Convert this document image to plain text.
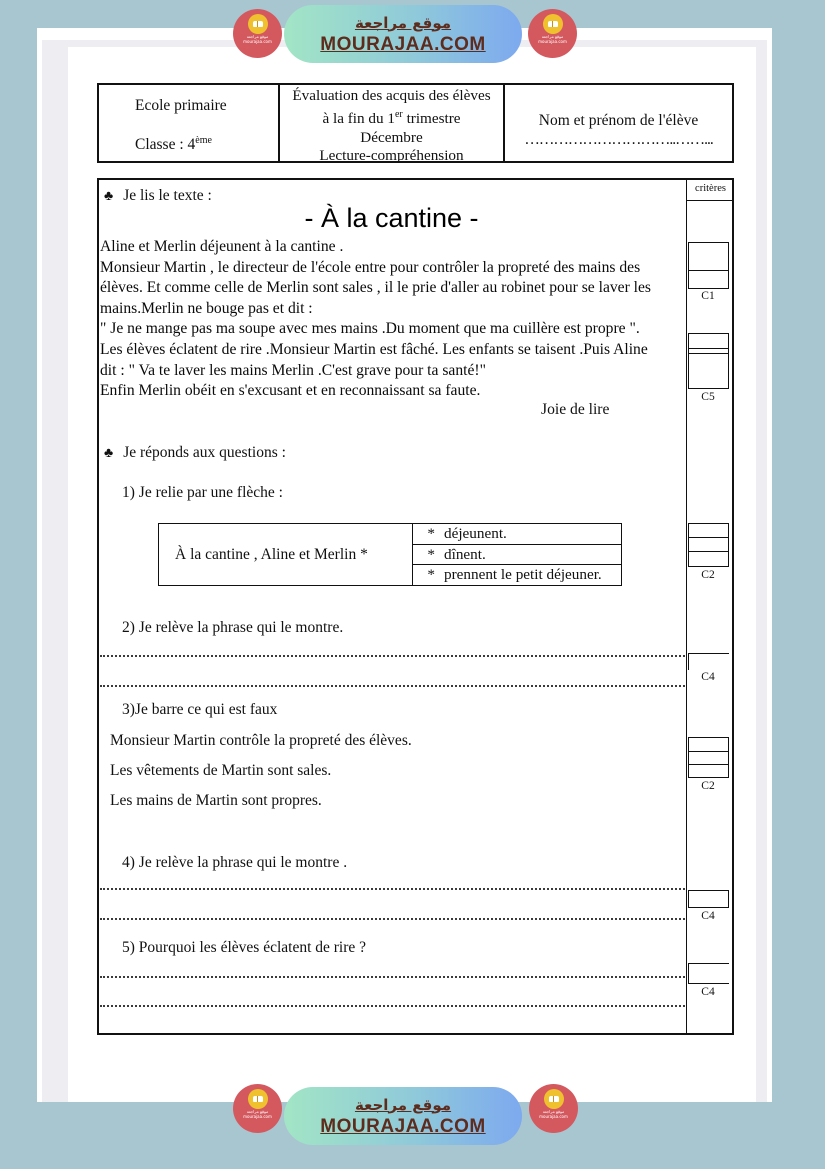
موقع مراجعة
MOURAJAA.COM
موقع مراجعة
mourajaa.com
موقع مراجعة
mourajaa.com
Ecole primaire
Classe : 4ème
Évaluation des acquis des élèves
à la fin du 1er trimestre
Décembre
Lecture-compréhension
Nom et prénom de l'élève
…………………………..……...
critères
C1
C5
C2
C4
C2
C4
C4
♣ Je lis le texte :
- À la cantine -
Aline et Merlin déjeunent à la cantine .
Monsieur Martin , le directeur de l'école entre pour contrôler la propreté des mains des
élèves. Et comme celle de Merlin sont sales , il le prie d'aller au robinet pour se laver les
mains.Merlin ne bouge pas et dit :
" Je ne mange pas ma soupe avec mes mains .Du moment que ma cuillère est propre ".
Les élèves éclatent de rire .Monsieur Martin est fâché. Les enfants se taisent .Puis Aline
dit : " Va te laver les mains Merlin .C'est grave pour ta santé!"
Enfin Merlin obéit en s'excusant et en reconnaissant sa faute.
Joie de lire
♣ Je réponds aux questions :
1) Je relie par une flèche :
À la cantine , Aline et Merlin *
* déjeunent.
* dînent.
* prennent le petit déjeuner.
2) Je relève la phrase qui le montre.
3)Je barre ce qui est faux
Monsieur Martin contrôle la propreté des élèves.
Les vêtements de Martin sont sales.
Les mains de Martin sont propres.
4) Je relève la phrase qui le montre .
5) Pourquoi les élèves éclatent de rire ?
موقع مراجعة
MOURAJAA.COM
موقع مراجعة
mourajaa.com
موقع مراجعة
mourajaa.com
